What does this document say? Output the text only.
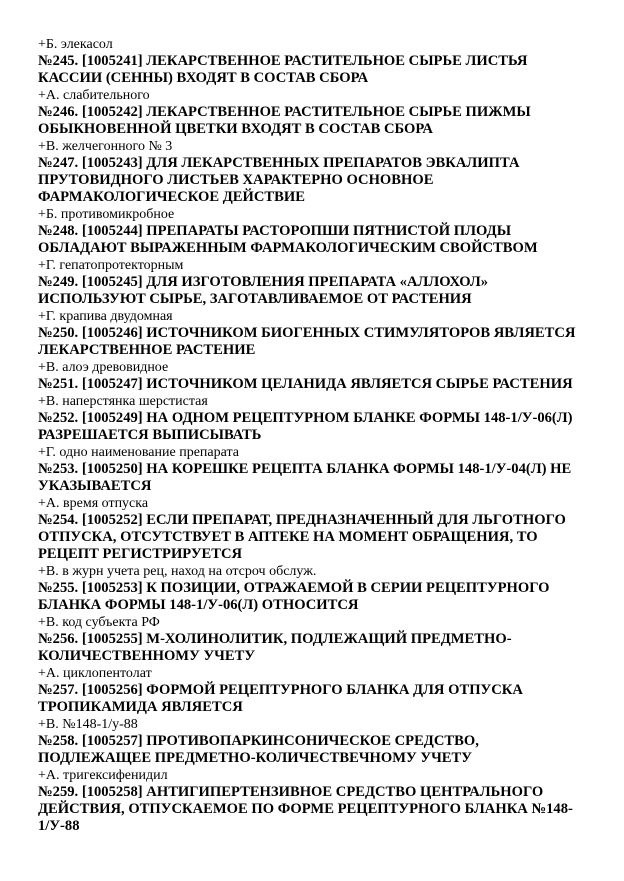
+Б. элекасол

№245. [1005241] ЛЕКАРСТВЕННОЕ РАСТИТЕЛЬНОЕ СЫРЬЕ ЛИСТЬЯ

КАССИИ (СЕННЫ) ВХОДЯТ В СОСТАВ СБОРА

+А. слабительного

№246. [1005242] ЛЕКАРСТВЕННОЕ РАСТИТЕЛЬНОЕ СЫРЬЕ ПИЖМЫ

ОБЫКНОВЕННОЙ ЦВЕТКИ ВХОДЯТ В СОСТАВ СБОРА

+В. желчегонного № 3

№247. [1005243] ДЛЯ ЛЕКАРСТВЕННЫХ ПРЕПАРАТОВ ЭВКАЛИПТА

ПРУТОВИДНОГО ЛИСТЬЕВ ХАРАКТЕРНО ОСНОВНОЕ

ФАРМАКОЛОГИЧЕСКОЕ ДЕЙСТВИЕ

+Б. противомикробное

№248. [1005244] ПРЕПАРАТЫ РАСТОРОПШИ ПЯТНИСТОЙ ПЛОДЫ

ОБЛАДАЮТ ВЫРАЖЕННЫМ ФАРМАКОЛОГИЧЕСКИМ СВОЙСТВОМ

+Г. гепатопротекторным

№249. [1005245] ДЛЯ ИЗГОТОВЛЕНИЯ ПРЕПАРАТА «АЛЛОХОЛ»

ИСПОЛЬЗУЮТ СЫРЬЕ, ЗАГОТАВЛИВАЕМОЕ ОТ РАСТЕНИЯ

+Г. крапива двудомная

№250. [1005246] ИСТОЧНИКОМ БИОГЕННЫХ СТИМУЛЯТОРОВ ЯВЛЯЕТСЯ

ЛЕКАРСТВЕННОЕ РАСТЕНИЕ

+В. алоэ древовидное

№251. [1005247] ИСТОЧНИКОМ ЦЕЛАНИДА ЯВЛЯЕТСЯ СЫРЬЕ РАСТЕНИЯ

+В. наперстянка шерстистая

№252. [1005249] НА ОДНОМ РЕЦЕПТУРНОМ БЛАНКЕ ФОРМЫ 148-1/У-06(Л)

РАЗРЕШАЕТСЯ ВЫПИСЫВАТЬ

+Г. одно наименование препарата

№253. [1005250] НА КОРЕШКЕ РЕЦЕПТА БЛАНКА ФОРМЫ 148-1/У-04(Л) НЕ

УКАЗЫВАЕТСЯ

+А. время отпуска

№254. [1005252] ЕСЛИ ПРЕПАРАТ, ПРЕДНАЗНАЧЕННЫЙ ДЛЯ ЛЬГОТНОГО

ОТПУСКА, ОТСУТСТВУЕТ В АПТЕКЕ НА МОМЕНТ ОБРАЩЕНИЯ, ТО

РЕЦЕПТ РЕГИСТРИРУЕТСЯ

+В. в журн учета рец, наход на отсроч обслуж.

№255. [1005253] К ПОЗИЦИИ, ОТРАЖАЕМОЙ В СЕРИИ РЕЦЕПТУРНОГО

БЛАНКА ФОРМЫ 148-1/У-06(Л) ОТНОСИТСЯ

+В. код субъекта РФ

№256. [1005255] М-ХОЛИНОЛИТИК, ПОДЛЕЖАЩИЙ ПРЕДМЕТНО-

КОЛИЧЕСТВЕННОМУ УЧЕТУ

+А. циклопентолат

№257. [1005256] ФОРМОЙ РЕЦЕПТУРНОГО БЛАНКА ДЛЯ ОТПУСКА

ТРОПИКАМИДА ЯВЛЯЕТСЯ

+В. №148-1/у-88

№258. [1005257] ПРОТИВОПАРКИНСОНИЧЕСКОЕ СРЕДСТВО,

ПОДЛЕЖАЩЕЕ ПРЕДМЕТНО-КОЛИЧЕСТВЕЧНОМУ УЧЕТУ

+А. тригексифенидил

№259. [1005258] АНТИГИПЕРТЕНЗИВНОЕ СРЕДСТВО ЦЕНТРАЛЬНОГО

ДЕЙСТВИЯ, ОТПУСКАЕМОЕ ПО ФОРМЕ РЕЦЕПТУРНОГО БЛАНКА №148-

1/У-88
